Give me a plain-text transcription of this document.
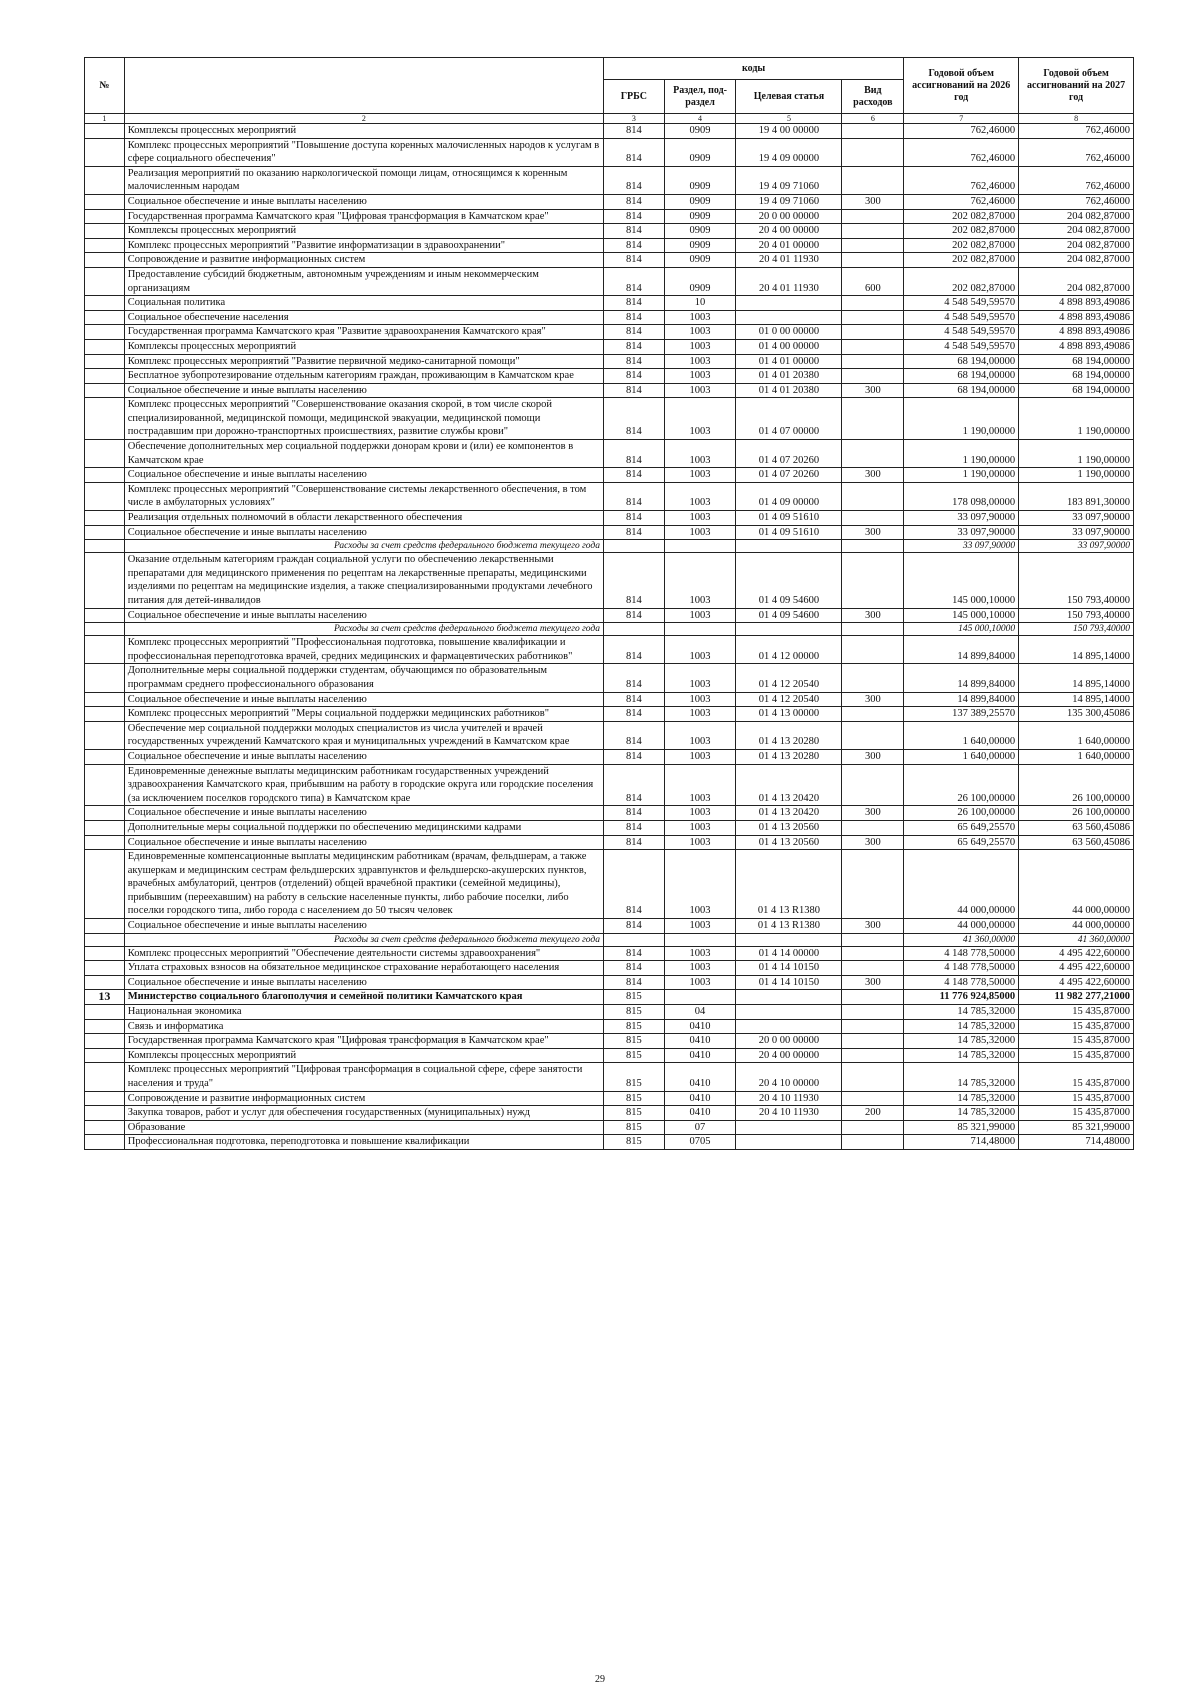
№		коды				Годовой объем ассигнований на 2026 год	Годовой объем ассигнований на 2027 год
		ГРБС	Раздел, под-раздел	Целевая статья	Вид расходов		
1	2	3	4	5	6	7	8
	Комплексы процессных мероприятий	814	0909	19 4 00 00000		762,46000	762,46000
	Комплекс процессных мероприятий "Повышение доступа коренных малочисленных народов к услугам в сфере социального обеспечения"	814	0909	19 4 09 00000		762,46000	762,46000
	Реализация мероприятий по оказанию наркологической помощи лицам, относящимся к коренным малочисленным народам	814	0909	19 4 09 71060		762,46000	762,46000
	Социальное обеспечение и иные выплаты населению	814	0909	19 4 09 71060	300	762,46000	762,46000
	Государственная программа Камчатского края "Цифровая трансформация в Камчатском крае"	814	0909	20 0 00 00000		202 082,87000	204 082,87000
	Комплексы процессных мероприятий	814	0909	20 4 00 00000		202 082,87000	204 082,87000
	Комплекс процессных мероприятий "Развитие информатизации в здравоохранении"	814	0909	20 4 01 00000		202 082,87000	204 082,87000
	Сопровождение и развитие информационных систем	814	0909	20 4 01 11930		202 082,87000	204 082,87000
	Предоставление субсидий бюджетным, автономным учреждениям и иным некоммерческим организациям	814	0909	20 4 01 11930	600	202 082,87000	204 082,87000
	Социальная политика	814	10			4 548 549,59570	4 898 893,49086
	Социальное обеспечение населения	814	1003			4 548 549,59570	4 898 893,49086
	Государственная программа Камчатского края "Развитие здравоохранения Камчатского края"	814	1003	01 0 00 00000		4 548 549,59570	4 898 893,49086
	Комплексы процессных мероприятий	814	1003	01 4 00 00000		4 548 549,59570	4 898 893,49086
	Комплекс процессных мероприятий "Развитие первичной медико-санитарной помощи"	814	1003	01 4 01 00000		68 194,00000	68 194,00000
	Бесплатное зубопротезирование отдельным категориям граждан, проживающим в Камчатском крае	814	1003	01 4 01 20380		68 194,00000	68 194,00000
	Социальное обеспечение и иные выплаты населению	814	1003	01 4 01 20380	300	68 194,00000	68 194,00000
	Комплекс процессных мероприятий "Совершенствование оказания скорой, в том числе скорой специализированной, медицинской помощи, медицинской эвакуации, медицинской помощи пострадавшим при дорожно-транспортных происшествиях, развитие службы крови"	814	1003	01 4 07 00000		1 190,00000	1 190,00000
	Обеспечение дополнительных мер социальной поддержки донорам крови и (или) ее компонентов в Камчатском крае	814	1003	01 4 07 20260		1 190,00000	1 190,00000
	Социальное обеспечение и иные выплаты населению	814	1003	01 4 07 20260	300	1 190,00000	1 190,00000
	Комплекс процессных мероприятий "Совершенствование системы лекарственного обеспечения, в том числе в амбулаторных условиях"	814	1003	01 4 09 00000		178 098,00000	183 891,30000
	Реализация отдельных полномочий в области лекарственного обеспечения	814	1003	01 4 09 51610		33 097,90000	33 097,90000
	Социальное обеспечение и иные выплаты населению	814	1003	01 4 09 51610	300	33 097,90000	33 097,90000
	Расходы за счет средств федерального бюджета текущего года					33 097,90000	33 097,90000
	Оказание отдельным категориям граждан социальной услуги по обеспечению лекарственными препаратами для медицинского применения по рецептам на лекарственные препараты, медицинскими изделиями по рецептам на медицинские изделия, а также специализированными продуктами лечебного питания для детей-инвалидов	814	1003	01 4 09 54600		145 000,10000	150 793,40000
	Социальное обеспечение и иные выплаты населению	814	1003	01 4 09 54600	300	145 000,10000	150 793,40000
	Расходы за счет средств федерального бюджета текущего года					145 000,10000	150 793,40000
	Комплекс процессных мероприятий "Профессиональная подготовка, повышение квалификации и профессиональная переподготовка врачей, средних медицинских и фармацевтических работников"	814	1003	01 4 12 00000		14 899,84000	14 895,14000
	Дополнительные меры социальной поддержки студентам, обучающимся по образовательным программам среднего профессионального образования	814	1003	01 4 12 20540		14 899,84000	14 895,14000
	Социальное обеспечение и иные выплаты населению	814	1003	01 4 12 20540	300	14 899,84000	14 895,14000
	Комплекс процессных мероприятий "Меры социальной поддержки медицинских работников"	814	1003	01 4 13 00000		137 389,25570	135 300,45086
	Обеспечение мер социальной поддержки молодых специалистов из числа учителей и врачей государственных учреждений Камчатского края и муниципальных учреждений в Камчатском крае	814	1003	01 4 13 20280		1 640,00000	1 640,00000
	Социальное обеспечение и иные выплаты населению	814	1003	01 4 13 20280	300	1 640,00000	1 640,00000
	Единовременные денежные выплаты медицинским работникам государственных учреждений здравоохранения Камчатского края, прибывшим на работу в городские округа или городские поселения (за исключением поселков городского типа) в Камчатском крае	814	1003	01 4 13 20420		26 100,00000	26 100,00000
	Социальное обеспечение и иные выплаты населению	814	1003	01 4 13 20420	300	26 100,00000	26 100,00000
	Дополнительные меры социальной поддержки по обеспечению медицинскими кадрами	814	1003	01 4 13 20560		65 649,25570	63 560,45086
	Социальное обеспечение и иные выплаты населению	814	1003	01 4 13 20560	300	65 649,25570	63 560,45086
	Единовременные компенсационные выплаты медицинским работникам (врачам, фельдшерам, а также акушеркам и медицинским сестрам фельдшерских здравпунктов и фельдшерско-акушерских пунктов, врачебных амбулаторий, центров (отделений) общей врачебной практики (семейной медицины), прибывшим (переехавшим) на работу в сельские населенные пункты, либо рабочие поселки, либо поселки городского типа, либо города с населением до 50 тысяч человек	814	1003	01 4 13 R1380		44 000,00000	44 000,00000
	Социальное обеспечение и иные выплаты населению	814	1003	01 4 13 R1380	300	44 000,00000	44 000,00000
	Расходы за счет средств федерального бюджета текущего года					41 360,00000	41 360,00000
	Комплекс процессных мероприятий "Обеспечение деятельности системы здравоохранения"	814	1003	01 4 14 00000		4 148 778,50000	4 495 422,60000
	Уплата страховых взносов на обязательное медицинское страхование неработающего населения	814	1003	01 4 14 10150		4 148 778,50000	4 495 422,60000
	Социальное обеспечение и иные выплаты населению	814	1003	01 4 14 10150	300	4 148 778,50000	4 495 422,60000
13	Министерство социального благополучия и семейной политики Камчатского края	815				11 776 924,85000	11 982 277,21000
	Национальная экономика	815	04			14 785,32000	15 435,87000
	Связь и информатика	815	0410			14 785,32000	15 435,87000
	Государственная программа Камчатского края "Цифровая трансформация в Камчатском крае"	815	0410	20 0 00 00000		14 785,32000	15 435,87000
	Комплексы процессных мероприятий	815	0410	20 4 00 00000		14 785,32000	15 435,87000
	Комплекс процессных мероприятий "Цифровая трансформация в социальной сфере, сфере занятости населения и труда"	815	0410	20 4 10 00000		14 785,32000	15 435,87000
	Сопровождение и развитие информационных систем	815	0410	20 4 10 11930		14 785,32000	15 435,87000
	Закупка товаров, работ и услуг для обеспечения государственных (муниципальных) нужд	815	0410	20 4 10 11930	200	14 785,32000	15 435,87000
	Образование	815	07			85 321,99000	85 321,99000
	Профессиональная подготовка, переподготовка и повышение квалификации	815	0705			714,48000	714,48000
29
